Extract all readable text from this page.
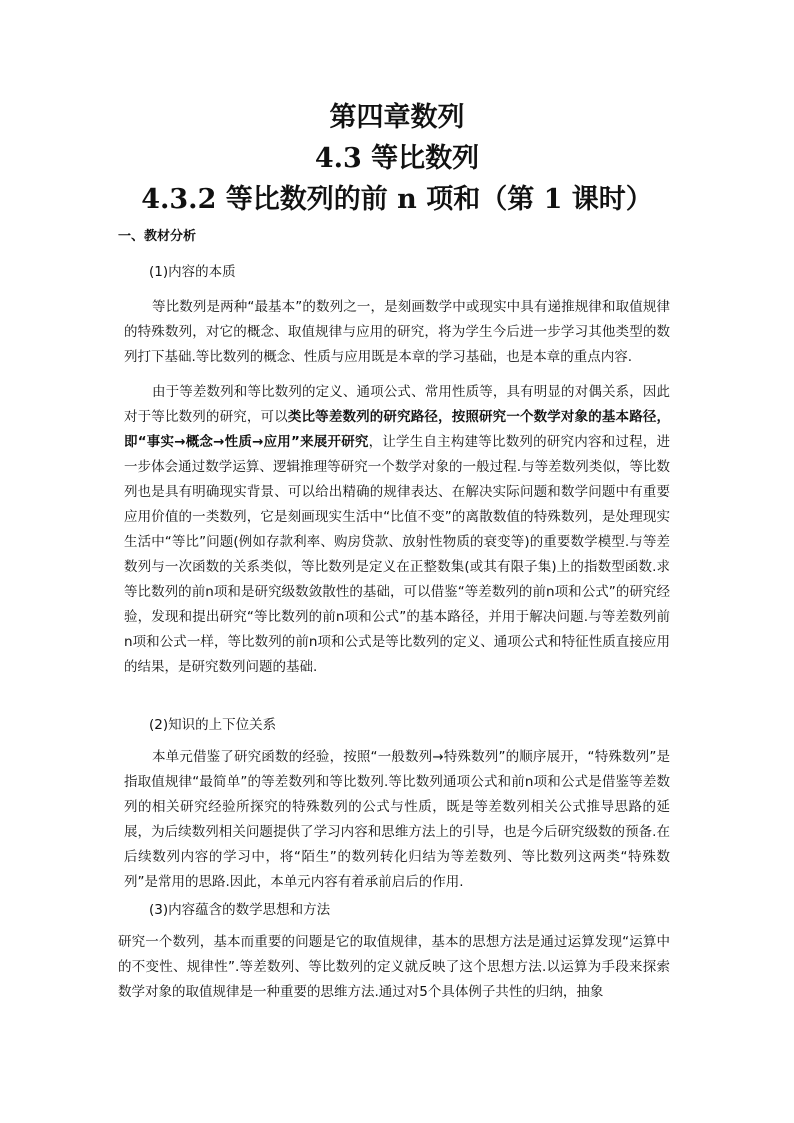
第四章数列
4.3 等比数列
4.3.2 等比数列的前 n 项和（第 1 课时）
一、教材分析
(1)内容的本质

等比数列是两种“最基本”的数列之一，是刻画数学中或现实中具有递推规律和取值规律的特殊数列，对它的概念、取值规律与应用的研究，将为学生今后进一步学习其他类型的数列打下基础.等比数列的概念、性质与应用既是本章的学习基础，也是本章的重点内容.

由于等差数列和等比数列的定义、通项公式、常用性质等，具有明显的对偶关系，因此对于等比数列的研究，可以类比等差数列的研究路径，按照研究一个数学对象的基本路径，即“事实→概念→性质→应用”来展开研究，让学生自主构建等比数列的研究内容和过程，进一步体会通过数学运算、逻辑推理等研究一个数学对象的一般过程.与等差数列类似，等比数列也是具有明确现实背景、可以给出精确的规律表达、在解决实际问题和数学问题中有重要应用价值的一类数列，它是刻画现实生活中“比值不变”的离散数值的特殊数列，是处理现实生活中“等比”问题(例如存款利率、购房贷款、放射性物质的衰变等)的重要数学模型.与等差数列与一次函数的关系类似，等比数列是定义在正整数集(或其有限子集)上的指数型函数.求等比数列的前n项和是研究级数敛散性的基础，可以借鉴“等差数列的前n项和公式”的研究经验，发现和提出研究“等比数列的前n项和公式”的基本路径，并用于解决问题.与等差数列前n项和公式一样，等比数列的前n项和公式是等比数列的定义、通项公式和特征性质直接应用的结果，是研究数列问题的基础.

(2)知识的上下位关系

本单元借鉴了研究函数的经验，按照“一般数列→特殊数列”的顺序展开，“特殊数列”是指取值规律“最简单”的等差数列和等比数列.等比数列通项公式和前n项和公式是借鉴等差数列的相关研究经验所探究的特殊数列的公式与性质，既是等差数列相关公式推导思路的延展，为后续数列相关问题提供了学习内容和思维方法上的引导，也是今后研究级数的预备.在后续数列内容的学习中，将“陌生”的数列转化归结为等差数列、等比数列这两类“特殊数列”是常用的思路.因此，本单元内容有着承前启后的作用.

(3)内容蕴含的数学思想和方法

研究一个数列，基本而重要的问题是它的取值规律，基本的思想方法是通过运算发现“运算中的不变性、规律性”.等差数列、等比数列的定义就反映了这个思想方法.以运算为手段来探索数学对象的取值规律是一种重要的思维方法.通过对5个具体例子共性的归纳，抽象
